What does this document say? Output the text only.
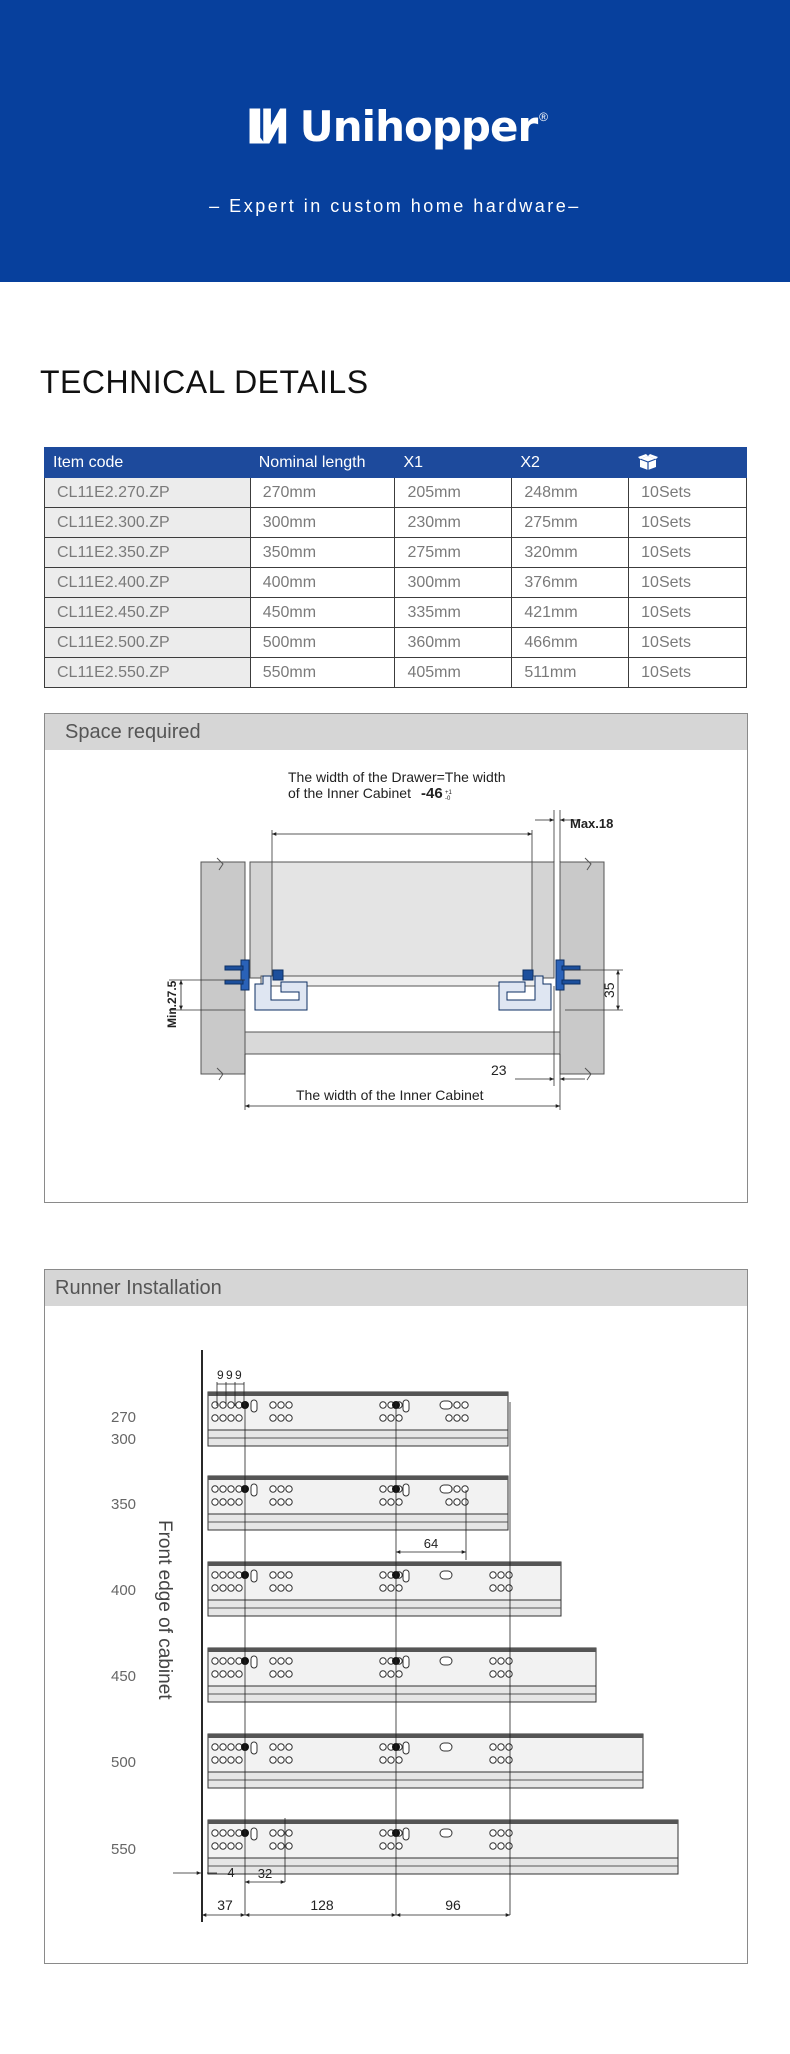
Unihopper ®
– Expert in custom home hardware–
TECHNICAL DETAILS
Item code	Nominal length	X1	X2	
CL11E2.270.ZP	270mm	205mm	248mm	10Sets
CL11E2.300.ZP	300mm	230mm	275mm	10Sets
CL11E2.350.ZP	350mm	275mm	320mm	10Sets
CL11E2.400.ZP	400mm	300mm	376mm	10Sets
CL11E2.450.ZP	450mm	335mm	421mm	10Sets
CL11E2.500.ZP	500mm	360mm	466mm	10Sets
CL11E2.550.ZP	550mm	405mm	511mm	10Sets
Space required
The width of the Drawer=The width
of the Inner Cabinet -46 +1
-0
Max.18
Min.27.5	35
23
The width of the Inner Cabinet
Runner Installation
Front edge of cabinet
270
300
350
400
450
500
550
9 9 9
64
4 32
37	128	96
